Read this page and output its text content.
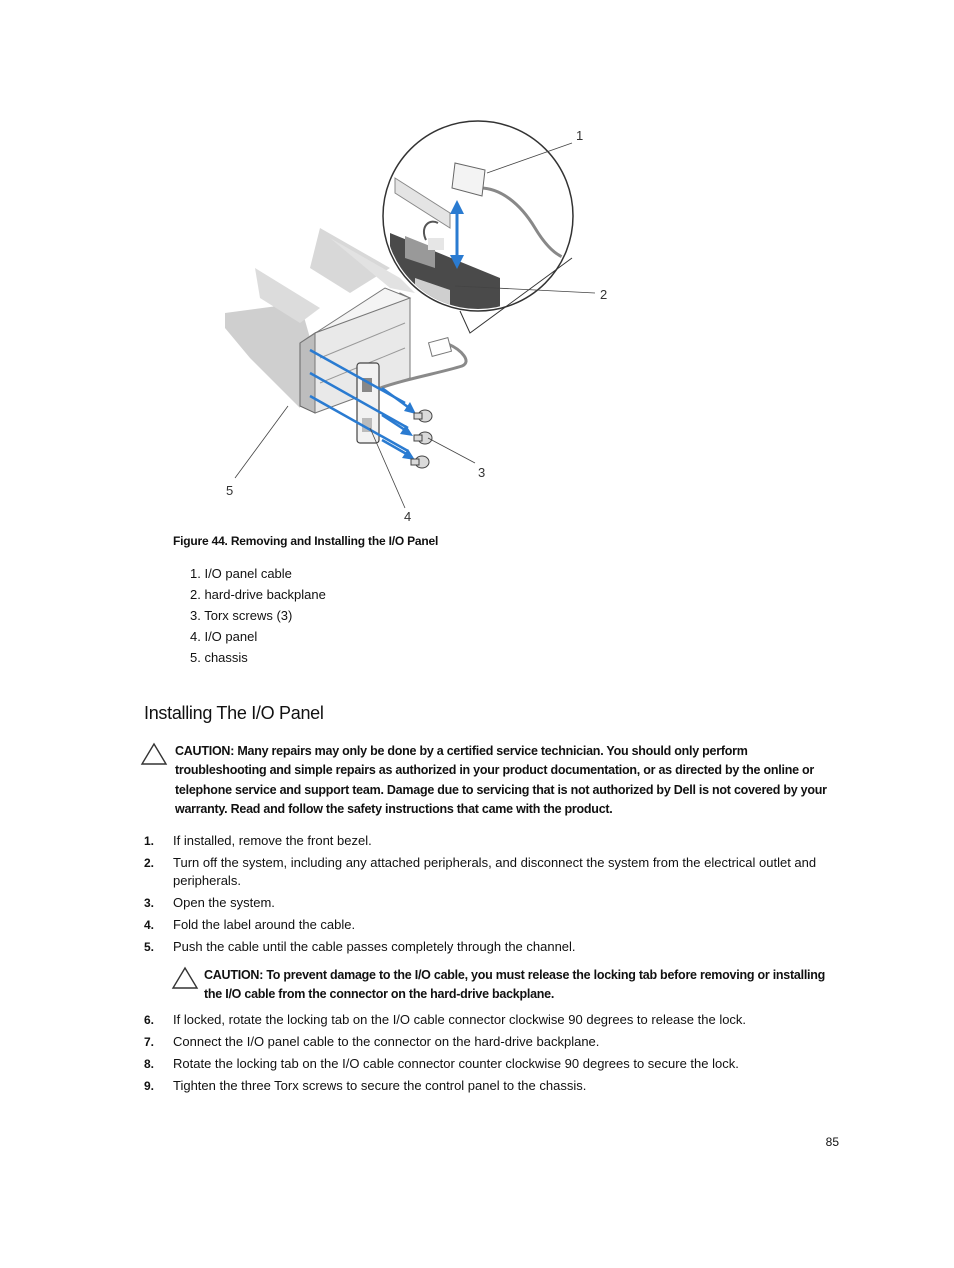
1
2
3
4
5
Figure 44. Removing and Installing the I/O Panel
1. I/O panel cable
2. hard-drive backplane
3. Torx screws (3)
4. I/O panel
5. chassis
Installing The I/O Panel
CAUTION: Many repairs may only be done by a certified service technician. You should only perform troubleshooting and simple repairs as authorized in your product documentation, or as directed by the online or telephone service and support team. Damage due to servicing that is not authorized by Dell is not covered by your warranty. Read and follow the safety instructions that came with the product.
1. If installed, remove the front bezel.
2. Turn off the system, including any attached peripherals, and disconnect the system from the electrical outlet and peripherals.
3. Open the system.
4. Fold the label around the cable.
5. Push the cable until the cable passes completely through the channel.
CAUTION: To prevent damage to the I/O cable, you must release the locking tab before removing or installing the I/O cable from the connector on the hard-drive backplane.
6. If locked, rotate the locking tab on the I/O cable connector clockwise 90 degrees to release the lock.
7. Connect the I/O panel cable to the connector on the hard-drive backplane.
8. Rotate the locking tab on the I/O cable connector counter clockwise 90 degrees to secure the lock.
9. Tighten the three Torx screws to secure the control panel to the chassis.
85
